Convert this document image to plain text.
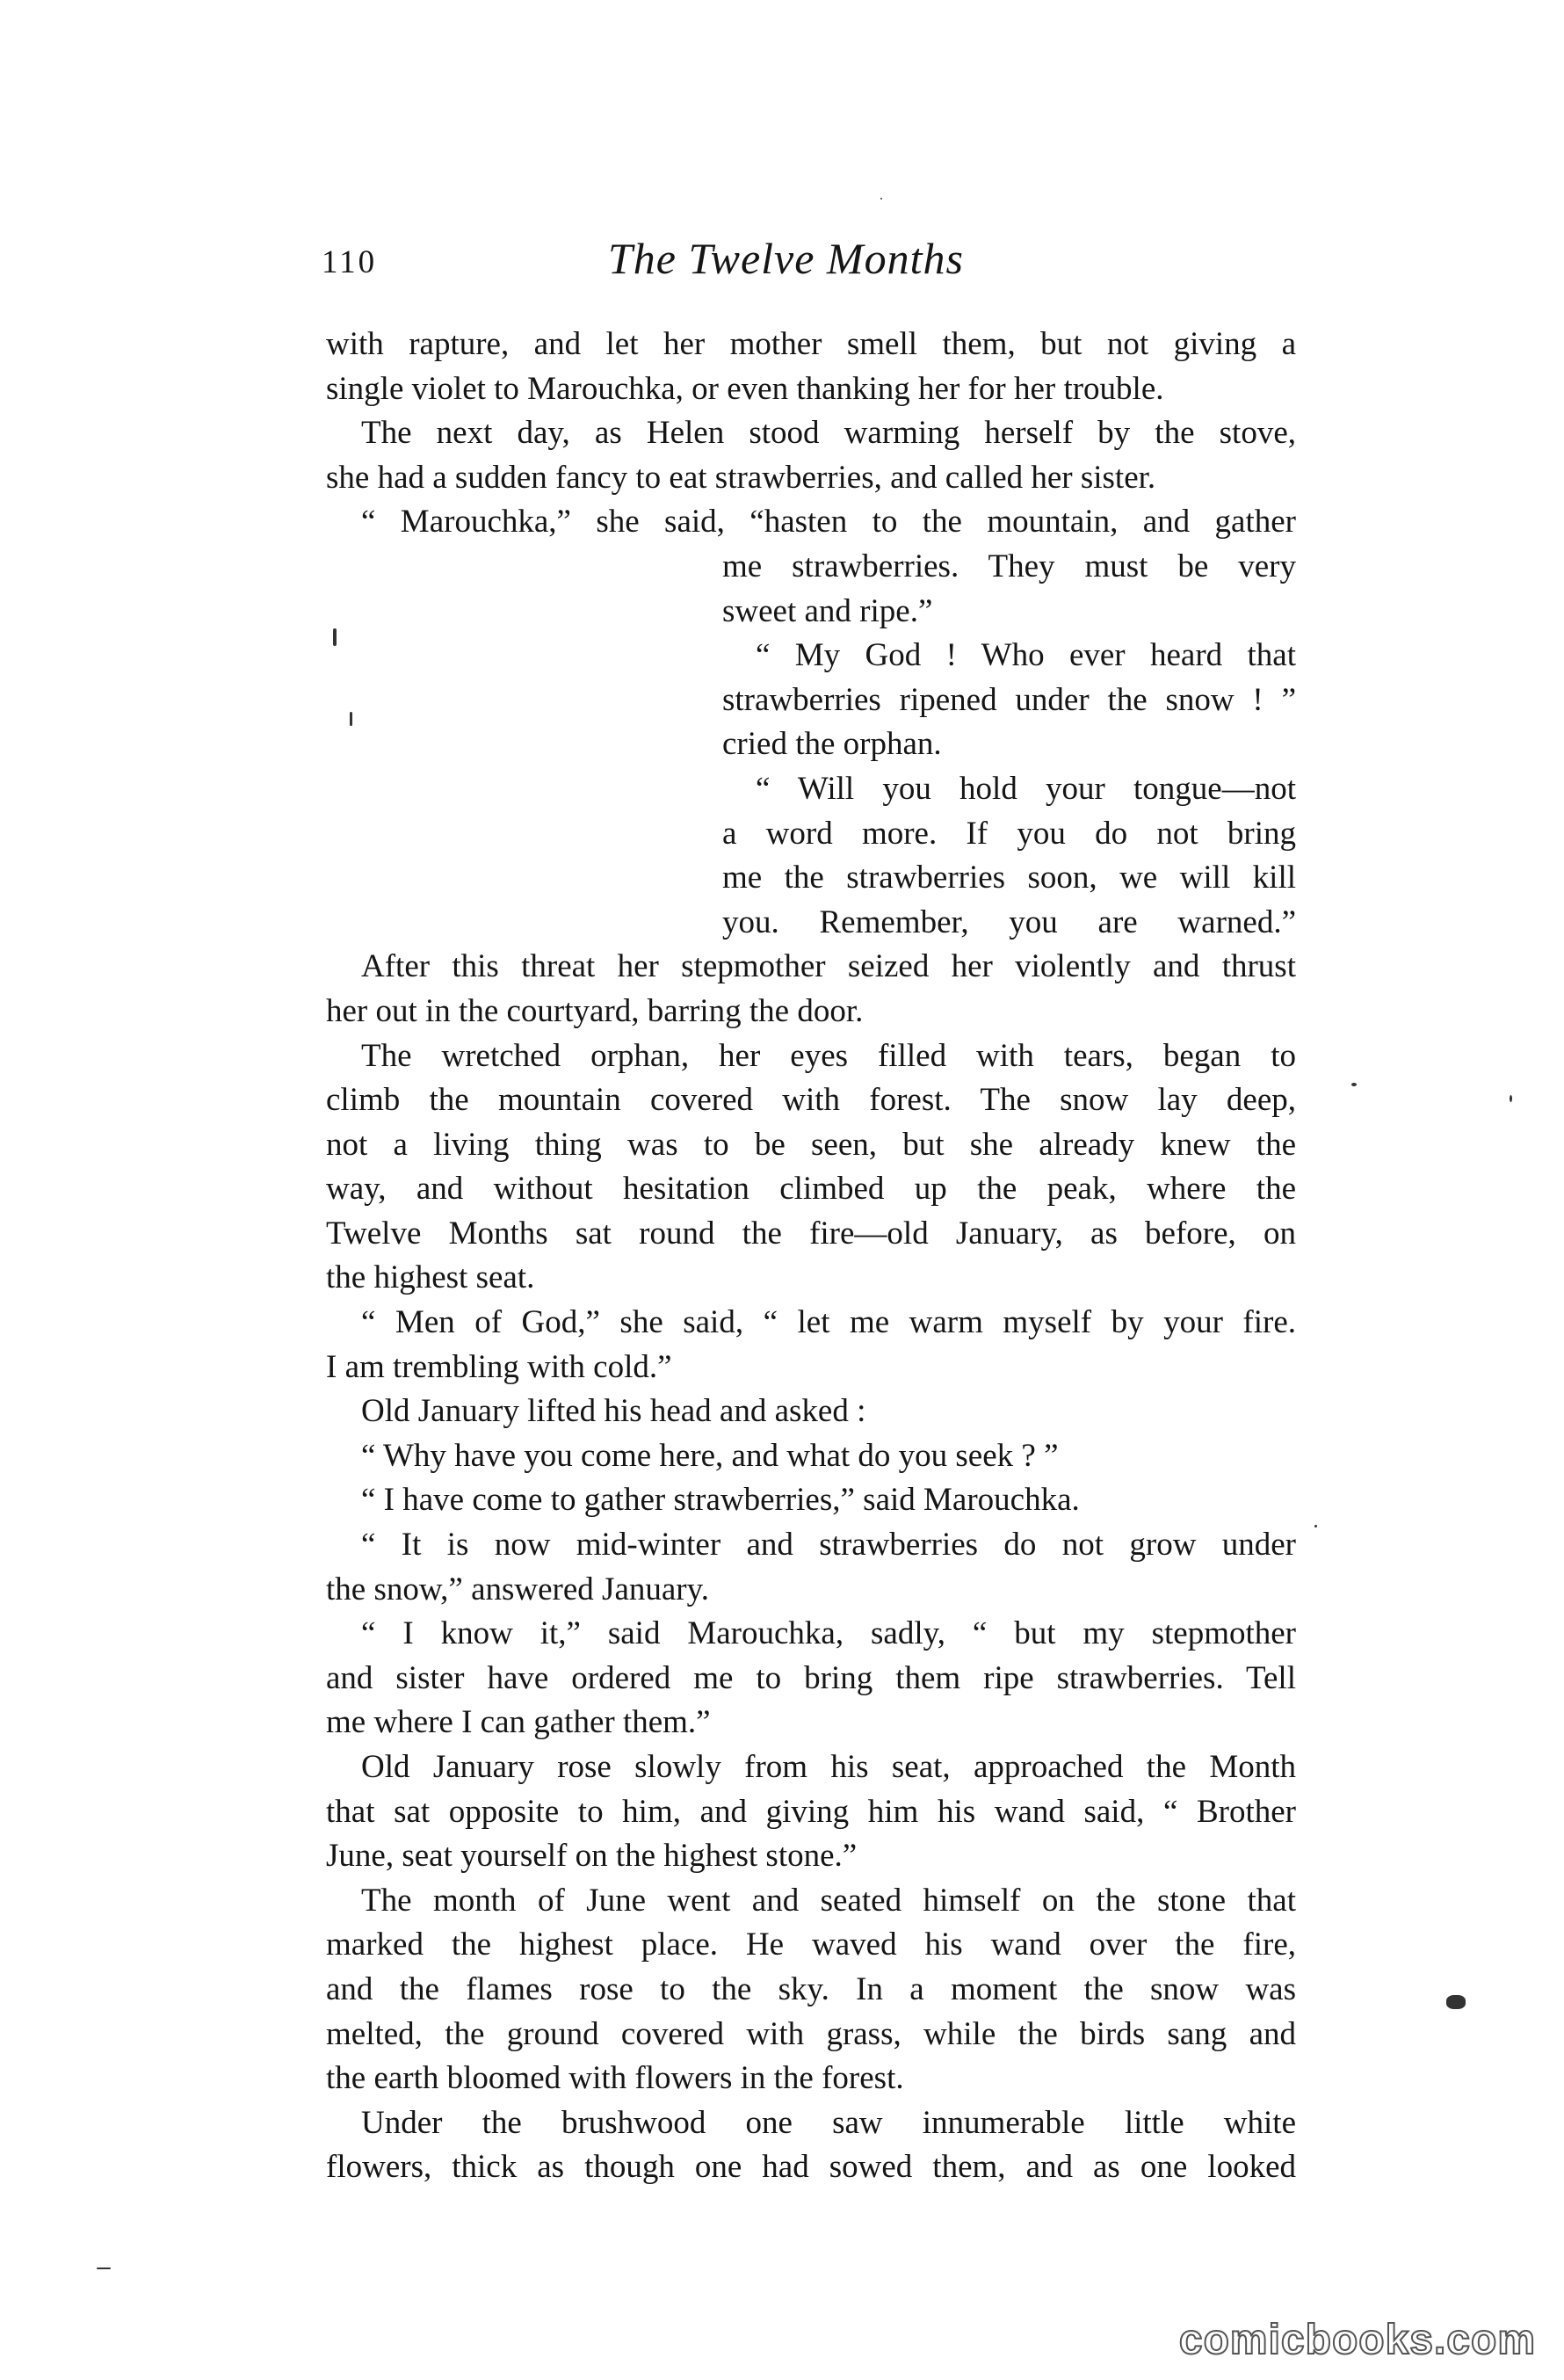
110	The Twelve Months
with rapture, and let her mother smell them, but not giving a
single violet to Marouchka, or even thanking her for her trouble.
The next day, as Helen stood warming herself by the stove,
she had a sudden fancy to eat strawberries, and called her sister.
“ Marouchka,” she said, “hasten to the mountain, and gather
me strawberries. They must be very
sweet and ripe.”
“ My God ! Who ever heard that
strawberries ripened under the snow ! ”
cried the orphan.
“ Will you hold your tongue—not
a word more. If you do not bring
me the strawberries soon, we will kill
you. Remember, you are warned.”
After this threat her stepmother seized her violently and thrust
her out in the courtyard, barring the door.
The wretched orphan, her eyes filled with tears, began to
climb the mountain covered with forest. The snow lay deep,
not a living thing was to be seen, but she already knew the
way, and without hesitation climbed up the peak, where the
Twelve Months sat round the fire—old January, as before, on
the highest seat.
“ Men of God,” she said, “ let me warm myself by your fire.
I am trembling with cold.”
Old January lifted his head and asked :
“ Why have you come here, and what do you seek ? ”
“ I have come to gather strawberries,” said Marouchka.
“ It is now mid-winter and strawberries do not grow under
the snow,” answered January.
“ I know it,” said Marouchka, sadly, “ but my stepmother
and sister have ordered me to bring them ripe strawberries. Tell
me where I can gather them.”
Old January rose slowly from his seat, approached the Month
that sat opposite to him, and giving him his wand said, “ Brother
June, seat yourself on the highest stone.”
The month of June went and seated himself on the stone that
marked the highest place. He waved his wand over the fire,
and the flames rose to the sky. In a moment the snow was
melted, the ground covered with grass, while the birds sang and
the earth bloomed with flowers in the forest.
Under the brushwood one saw innumerable little white
flowers, thick as though one had sowed them, and as one looked
comicbooks.com
